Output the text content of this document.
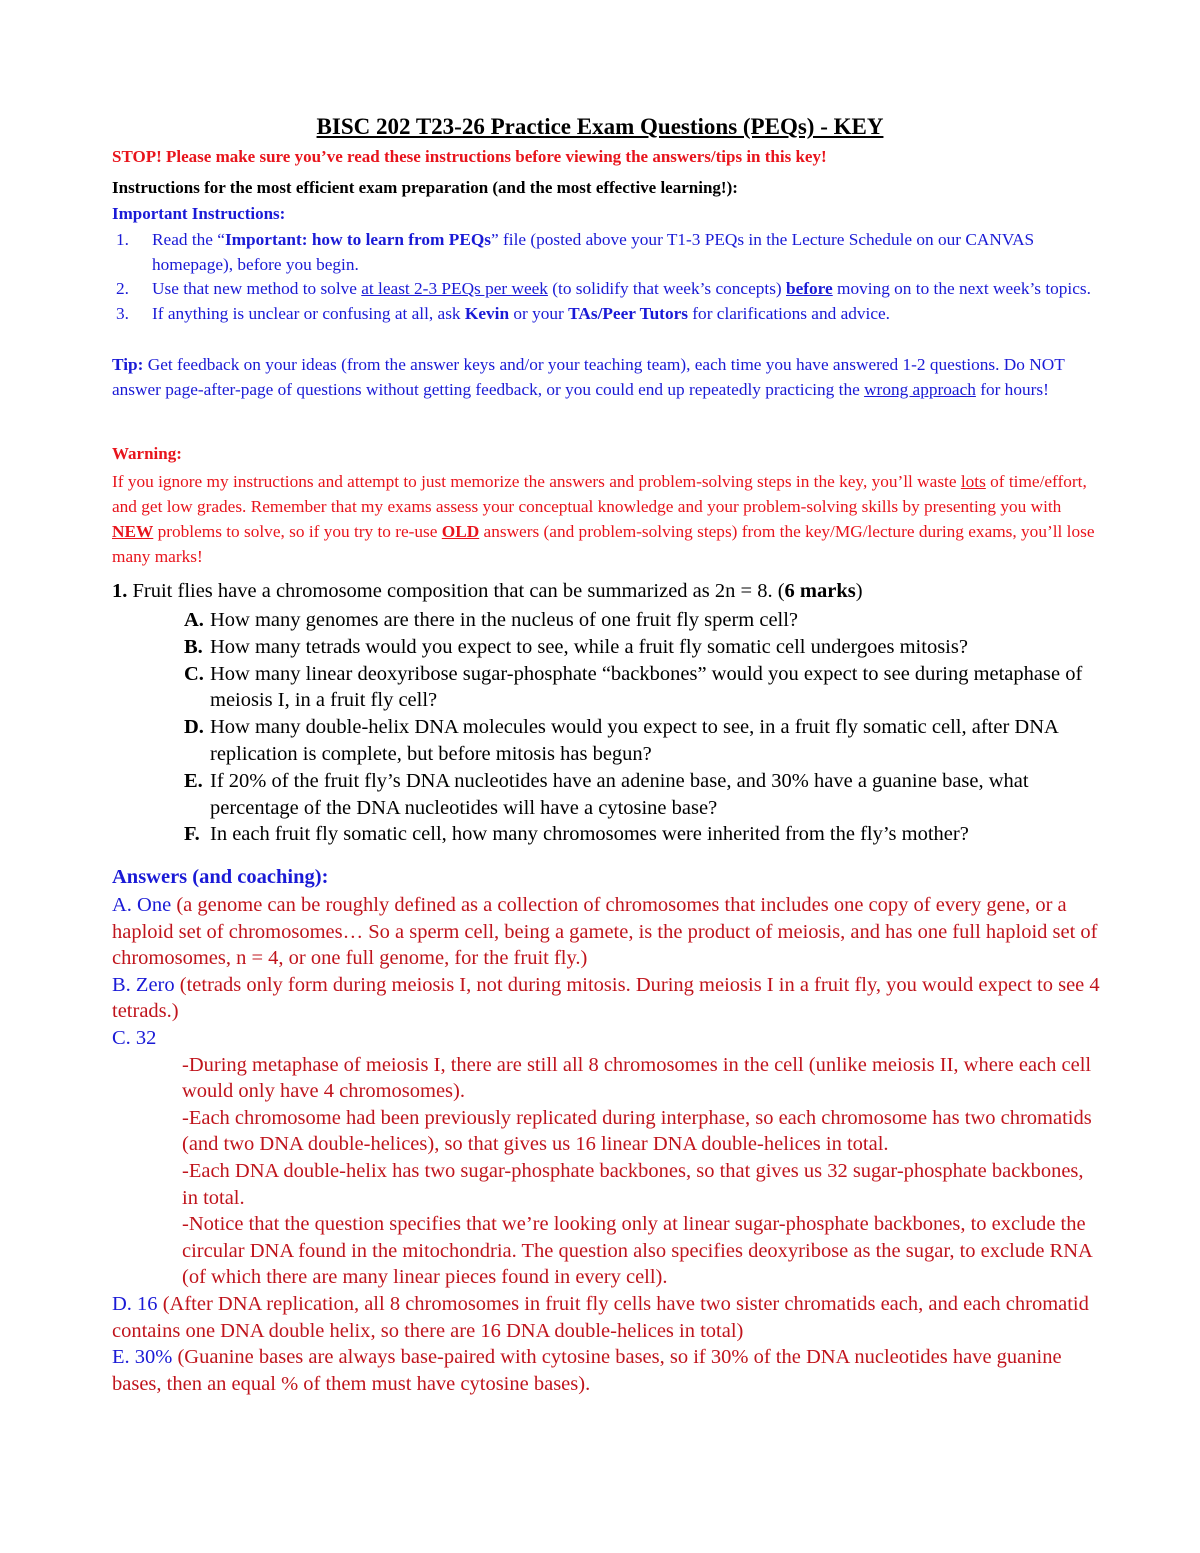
BISC 202 T23-26 Practice Exam Questions (PEQs) - KEY
STOP! Please make sure you’ve read these instructions before viewing the answers/tips in this key!
Instructions for the most efficient exam preparation (and the most effective learning!):
Important Instructions:
1. Read the “Important: how to learn from PEQs” file (posted above your T1-3 PEQs in the Lecture Schedule on our CANVAS homepage), before you begin.
2. Use that new method to solve at least 2-3 PEQs per week (to solidify that week’s concepts) before moving on to the next week’s topics.
3. If anything is unclear or confusing at all, ask Kevin or your TAs/Peer Tutors for clarifications and advice.
Tip: Get feedback on your ideas (from the answer keys and/or your teaching team), each time you have answered 1-2 questions. Do NOT answer page-after-page of questions without getting feedback, or you could end up repeatedly practicing the wrong approach for hours!
Warning:
If you ignore my instructions and attempt to just memorize the answers and problem-solving steps in the key, you’ll waste lots of time/effort, and get low grades. Remember that my exams assess your conceptual knowledge and your problem-solving skills by presenting you with NEW problems to solve, so if you try to re-use OLD answers (and problem-solving steps) from the key/MG/lecture during exams, you’ll lose many marks!
1. Fruit flies have a chromosome composition that can be summarized as 2n = 8. (6 marks)
A. How many genomes are there in the nucleus of one fruit fly sperm cell?
B. How many tetrads would you expect to see, while a fruit fly somatic cell undergoes mitosis?
C. How many linear deoxyribose sugar-phosphate “backbones” would you expect to see during metaphase of meiosis I, in a fruit fly cell?
D. How many double-helix DNA molecules would you expect to see, in a fruit fly somatic cell, after DNA replication is complete, but before mitosis has begun?
E. If 20% of the fruit fly’s DNA nucleotides have an adenine base, and 30% have a guanine base, what percentage of the DNA nucleotides will have a cytosine base?
F. In each fruit fly somatic cell, how many chromosomes were inherited from the fly’s mother?
Answers (and coaching):

A. One (a genome can be roughly defined as a collection of chromosomes that includes one copy of every gene, or a haploid set of chromosomes… So a sperm cell, being a gamete, is the product of meiosis, and has one full haploid set of chromosomes, n = 4, or one full genome, for the fruit fly.)

B. Zero (tetrads only form during meiosis I, not during mitosis. During meiosis I in a fruit fly, you would expect to see 4 tetrads.)

C. 32

-During metaphase of meiosis I, there are still all 8 chromosomes in the cell (unlike meiosis II, where each cell would only have 4 chromosomes).

-Each chromosome had been previously replicated during interphase, so each chromosome has two chromatids (and two DNA double-helices), so that gives us 16 linear DNA double-helices in total.

-Each DNA double-helix has two sugar-phosphate backbones, so that gives us 32 sugar-phosphate backbones, in total.

-Notice that the question specifies that we’re looking only at linear sugar-phosphate backbones, to exclude the circular DNA found in the mitochondria. The question also specifies deoxyribose as the sugar, to exclude RNA (of which there are many linear pieces found in every cell).

D. 16 (After DNA replication, all 8 chromosomes in fruit fly cells have two sister chromatids each, and each chromatid contains one DNA double helix, so there are 16 DNA double-helices in total)

E. 30% (Guanine bases are always base-paired with cytosine bases, so if 30% of the DNA nucleotides have guanine bases, then an equal % of them must have cytosine bases).
